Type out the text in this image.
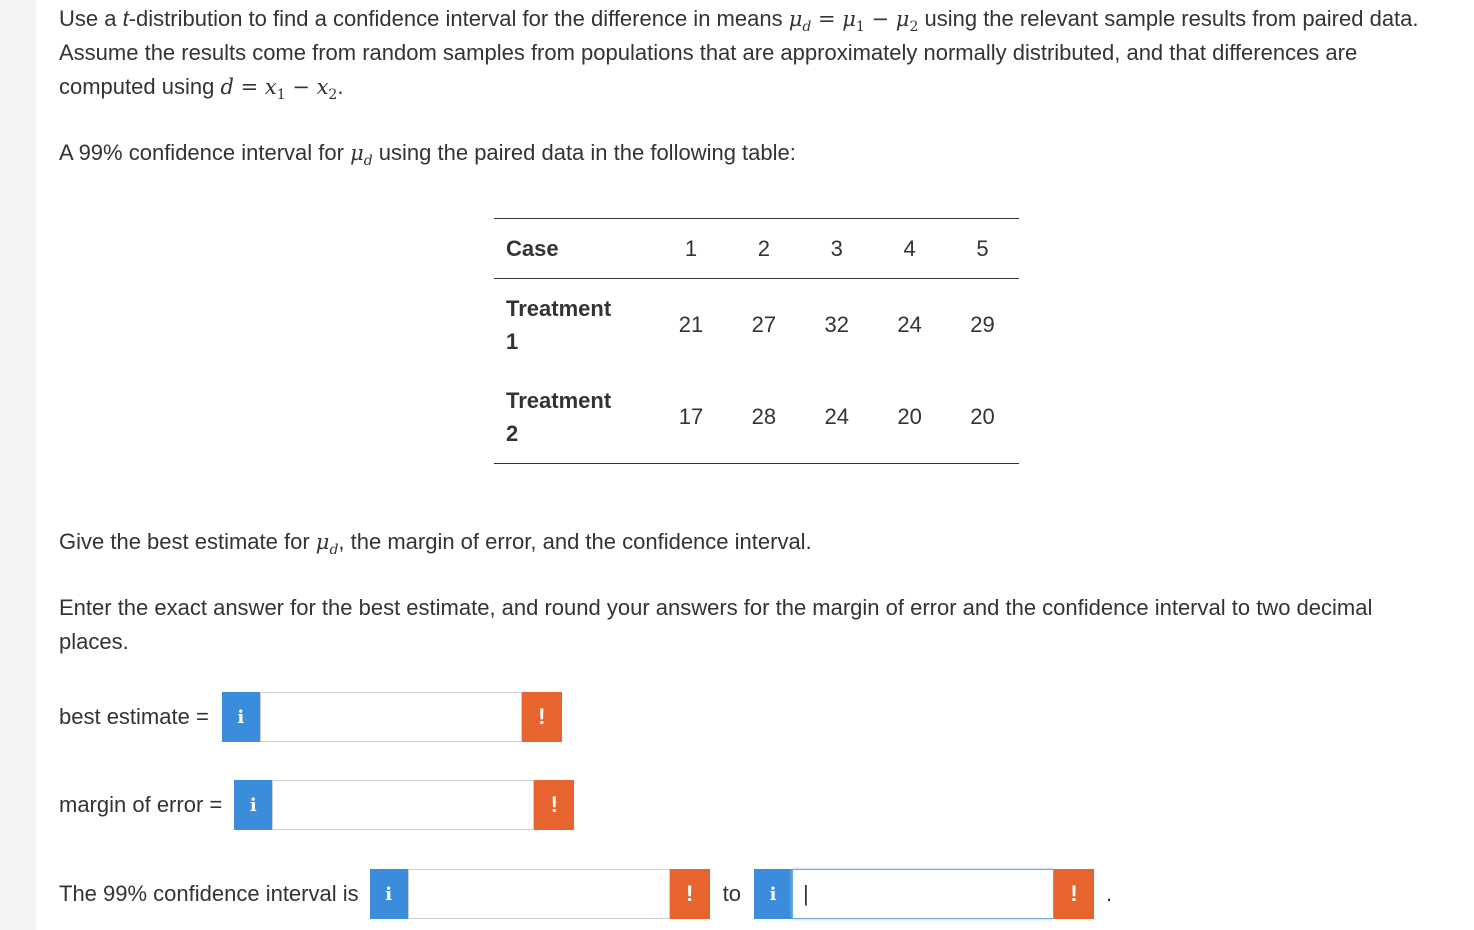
Use a t-distribution to find a confidence interval for the difference in means $\mu_d = \mu_1 - \mu_2$ using the relevant sample results from paired data. Assume the results come from random samples from populations that are approximately normally distributed, and that differences are computed using $d = x_1 - x_2$.

A 99% confidence interval for $\mu_d$ using the paired data in the following table:

Case	1	2	3	4	5

Treatment
1	21	27	32	24	29

Treatment
2	17	28	24	20	20

Give the best estimate for $\mu_d$, the margin of error, and the confidence interval.

Enter the exact answer for the best estimate, and round your answers for the margin of error and the confidence interval to two decimal places.

best estimate =	i	!
margin of error =	i	!
The 99% confidence interval is	i	!	to	i
|	!	.
